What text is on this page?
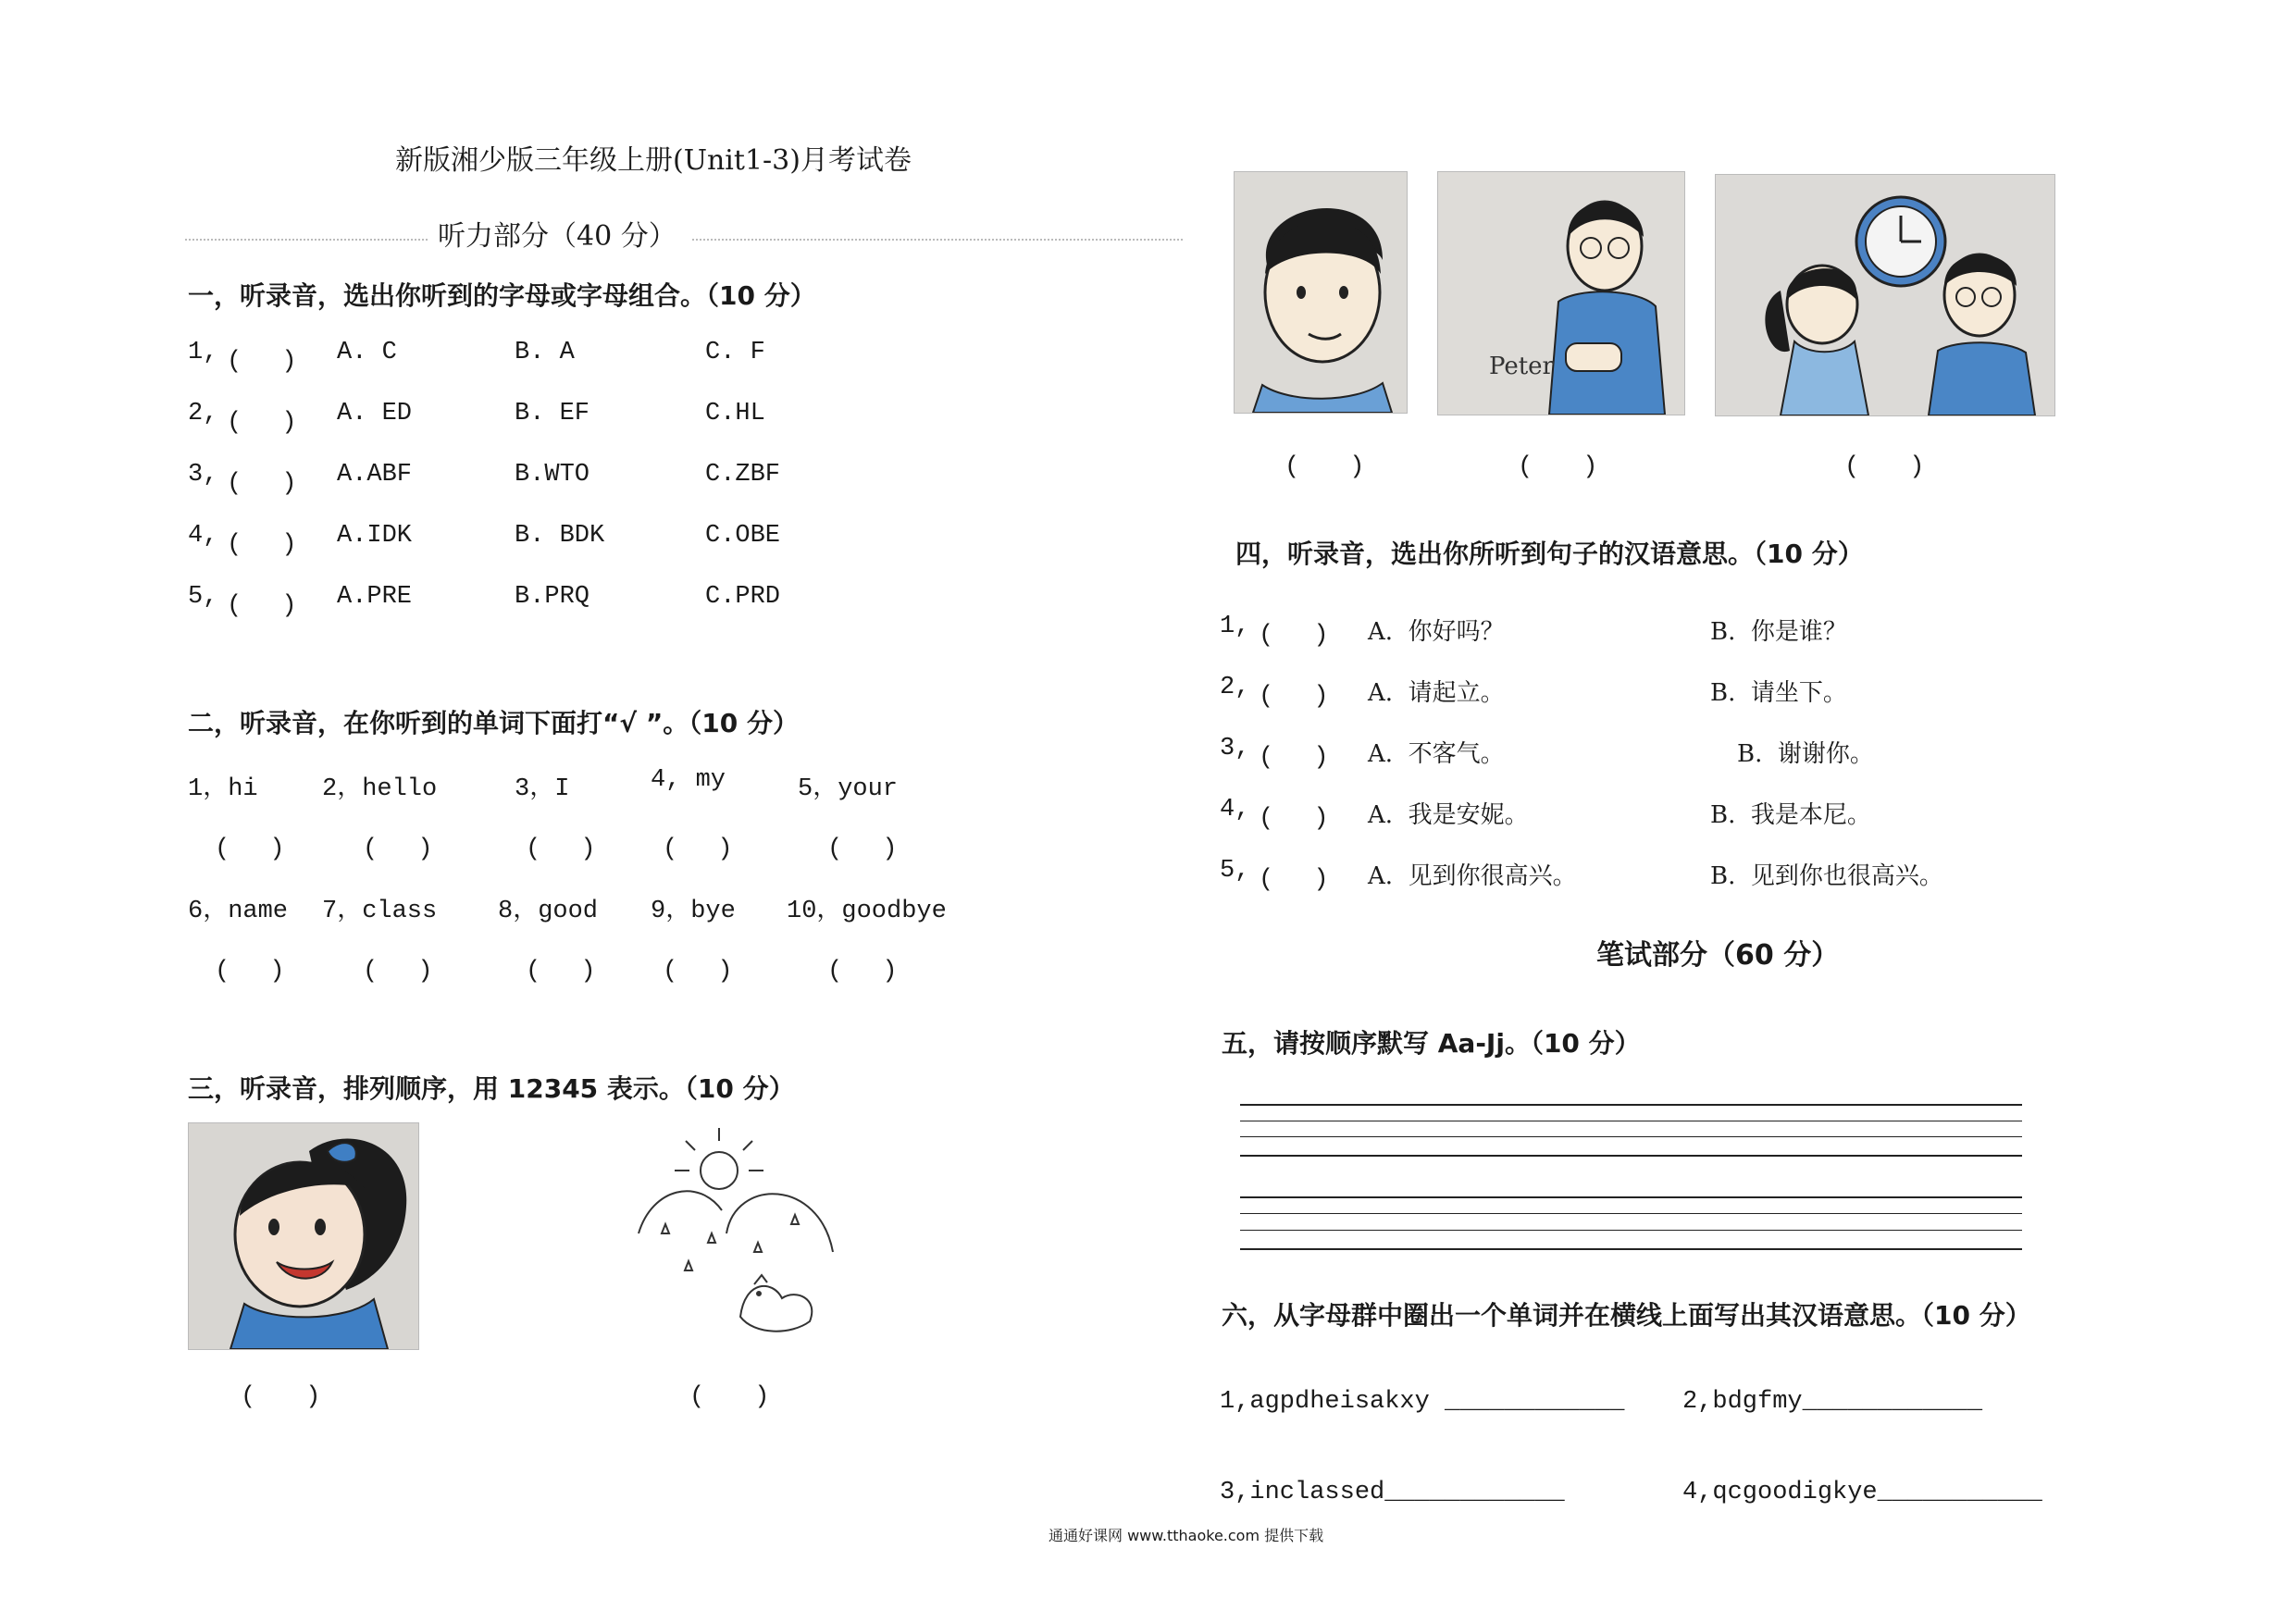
新版湘少版三年级上册(Unit1-3)月考试卷
听力部分（40 分）
一，听录音，选出你听到的字母或字母组合。（10 分）
1, (　 ) A. C	B. A	C. F
2, (　 ) A. ED	B. EF	C.HL
3, (　 ) A.ABF	B.WTO	C.ZBF
4, (　 ) A.IDK	B. BDK	C.OBE
5, (　 ) A.PRE	B.PRQ	C.PRD
二，听录音，在你听到的单词下面打“√ ”。（10 分）
1，hi	2，hello	3，I	4, my	5，your
(　 )	(　 )	(　 )	(　 )	(　 )
6，name 7，class 8，good 9，bye 10，goodbye
(　 )	(　 )	(　 )	(　 )	(　 )
三，听录音，排列顺序，用 12345 表示。（10 分）
(　　)	(　　)
Peter
(　　)	(　　)	(　　)
四，听录音，选出你所听到句子的汉语意思。（10 分）
1, (　 ) A.  你好吗？	B.  你是谁？
2, (　 ) A.  请起立。	B.  请坐下。
3, (　 ) A.  不客气。	B.  谢谢你。
4, (　 ) A.  我是安妮。	B.  我是本尼。
5, (　 ) A.  见到你很高兴。	B.  见到你也很高兴。
笔试部分（60 分）
五，请按顺序默写 Aa-Jj。（10 分）
六，从字母群中圈出一个单词并在横线上面写出其汉语意思。（10 分）
1,agpdheisakxy ____________ 2,bdgfmy____________
3,inclassed____________	4,qcgoodigkye___________
通通好课网 www.tthaoke.com 提供下载
